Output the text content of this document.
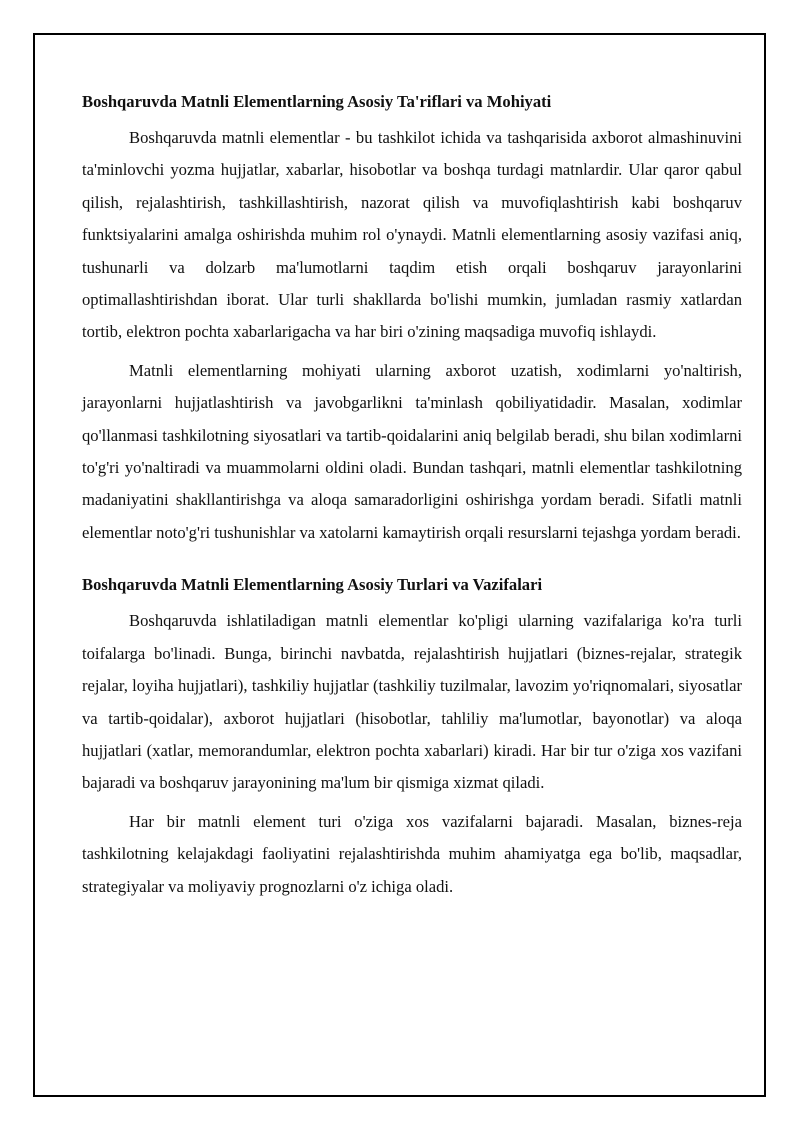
Boshqaruvda Matnli Elementlarning Asosiy Ta'riflari va Mohiyati

Boshqaruvda matnli elementlar - bu tashkilot ichida va tashqarisida axborot almashinuvini ta'minlovchi yozma hujjatlar, xabarlar, hisobotlar va boshqa turdagi matnlardir. Ular qaror qabul qilish, rejalashtirish, tashkillashtirish, nazorat qilish va muvofiqlashtirish kabi boshqaruv funktsiyalarini amalga oshirishda muhim rol o'ynaydi. Matnli elementlarning asosiy vazifasi aniq, tushunarli va dolzarb ma'lumotlarni taqdim etish orqali boshqaruv jarayonlarini optimallashtirishdan iborat. Ular turli shakllarda bo'lishi mumkin, jumladan rasmiy xatlardan tortib, elektron pochta xabarlarigacha va har biri o'zining maqsadiga muvofiq ishlaydi.

Matnli elementlarning mohiyati ularning axborot uzatish, xodimlarni yo'naltirish, jarayonlarni hujjatlashtirish va javobgarlikni ta'minlash qobiliyatidadir. Masalan, xodimlar qo'llanmasi tashkilotning siyosatlari va tartib-qoidalarini aniq belgilab beradi, shu bilan xodimlarni to'g'ri yo'naltiradi va muammolarni oldini oladi. Bundan tashqari, matnli elementlar tashkilotning madaniyatini shakllantirishga va aloqa samaradorligini oshirishga yordam beradi. Sifatli matnli elementlar noto'g'ri tushunishlar va xatolarni kamaytirish orqali resurslarni tejashga yordam beradi.

Boshqaruvda Matnli Elementlarning Asosiy Turlari va Vazifalari

Boshqaruvda ishlatiladigan matnli elementlar ko'pligi ularning vazifalariga ko'ra turli toifalarga bo'linadi. Bunga, birinchi navbatda, rejalashtirish hujjatlari (biznes-rejalar, strategik rejalar, loyiha hujjatlari), tashkiliy hujjatlar (tashkiliy tuzilmalar, lavozim yo'riqnomalari, siyosatlar va tartib-qoidalar), axborot hujjatlari (hisobotlar, tahliliy ma'lumotlar, bayonotlar) va aloqa hujjatlari (xatlar, memorandumlar, elektron pochta xabarlari) kiradi. Har bir tur o'ziga xos vazifani bajaradi va boshqaruv jarayonining ma'lum bir qismiga xizmat qiladi.

Har bir matnli element turi o'ziga xos vazifalarni bajaradi. Masalan, biznes-reja tashkilotning kelajakdagi faoliyatini rejalashtirishda muhim ahamiyatga ega bo'lib, maqsadlar, strategiyalar va moliyaviy prognozlarni o'z ichiga oladi.
